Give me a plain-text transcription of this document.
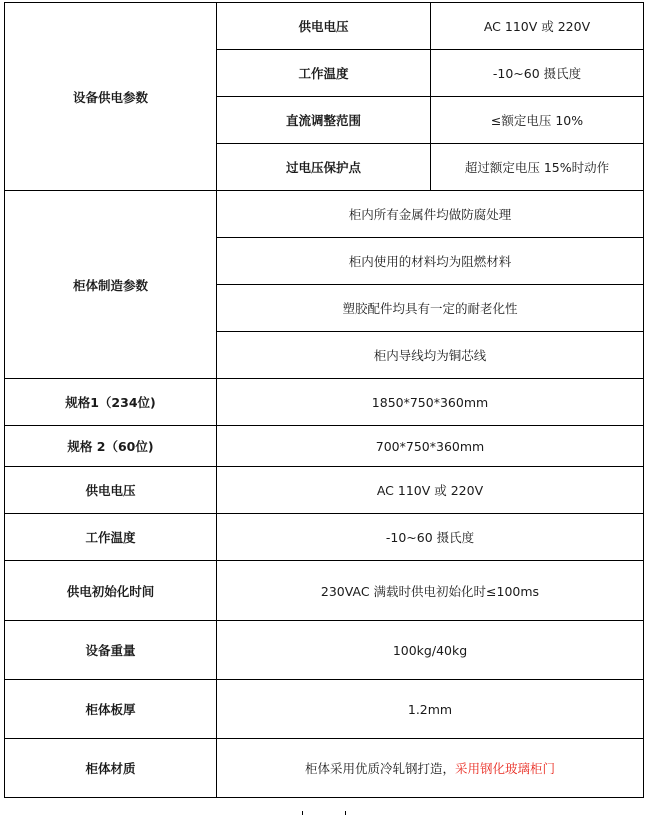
设备供电参数	供电电压	AC 110V 或 220V
	工作温度	-10~60 摄氏度
	直流调整范围	≤额定电压 10%
	过电压保护点	超过额定电压 15%时动作
柜体制造参数	柜内所有金属件均做防腐处理	
	柜内使用的材料均为阻燃材料	
	塑胶配件均具有一定的耐老化性	
	柜内导线均为铜芯线	
规格1（234位)	1850*750*360mm	
规格 2（60位)	700*750*360mm	
供电电压	AC 110V 或 220V	
工作温度	-10~60 摄氏度	
供电初始化时间	230VAC 满载时供电初始化时≤100ms	
设备重量	100kg/40kg	
柜体板厚	1.2mm	
柜体材质	柜体采用优质冷轧钢打造，采用钢化玻璃柜门	
